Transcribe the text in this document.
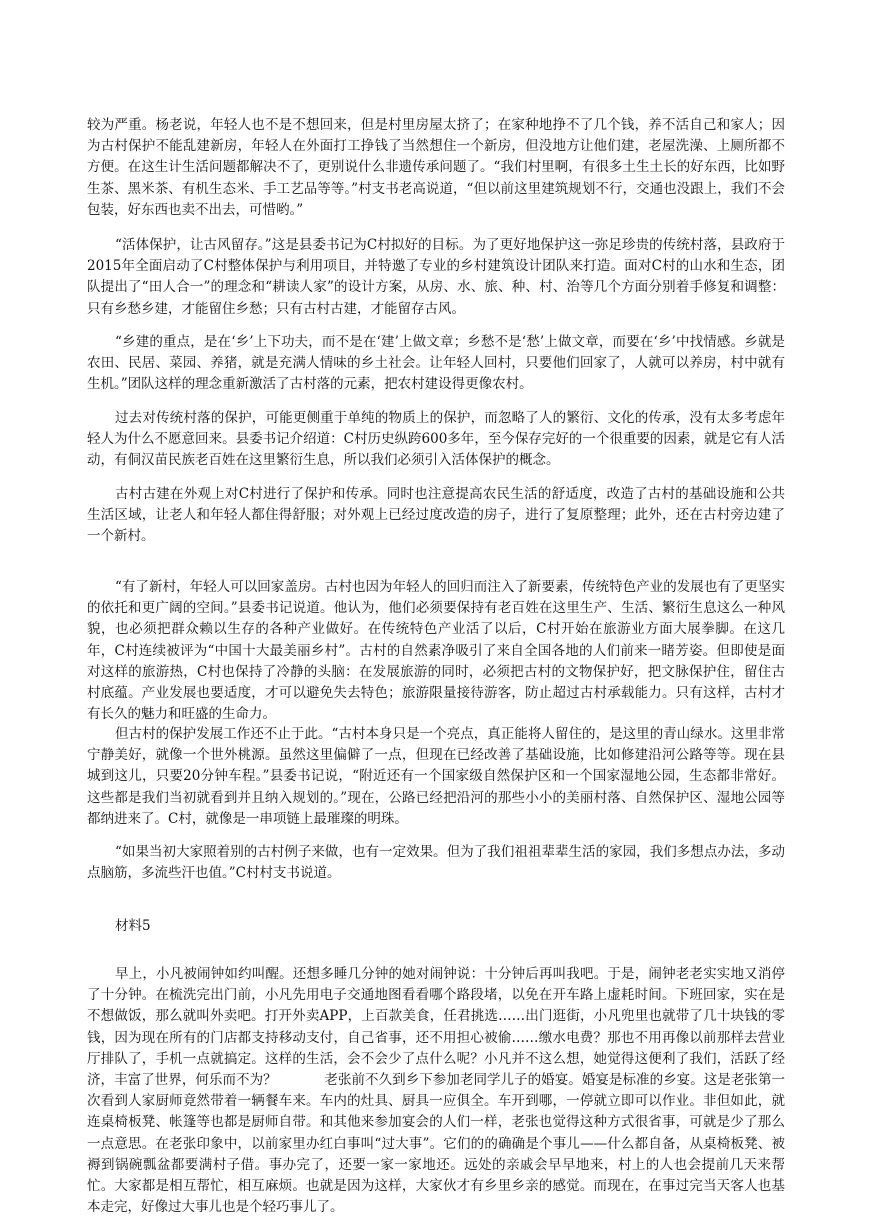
较为严重。杨老说，年轻人也不是不想回来，但是村里房屋太挤了；在家种地挣不了几个钱，养不活自己和家人；因为古村保护不能乱建新房，年轻人在外面打工挣钱了当然想住一个新房，但没地方让他们建，老屋洗澡、上厕所都不方便。在这生计生活问题都解决不了，更别说什么非遗传承问题了。“我们村里啊，有很多土生土长的好东西，比如野生茶、黑米茶、有机生态米、手工艺品等等。”村支书老高说道，“但以前这里建筑规划不行，交通也没跟上，我们不会包装，好东西也卖不出去，可惜哟。”

“活体保护，让古风留存。”这是县委书记为C村拟好的目标。为了更好地保护这一弥足珍贵的传统村落，县政府于2015年全面启动了C村整体保护与利用项目，并特邀了专业的乡村建筑设计团队来打造。面对C村的山水和生态，团队提出了“田人合一”的理念和“耕读人家”的设计方案，从房、水、旅、种、村、治等几个方面分别着手修复和调整：只有乡愁乡建，才能留住乡愁；只有古村古建，才能留存古风。

“乡建的重点，是在‘乡’上下功夫，而不是在‘建’上做文章；乡愁不是‘愁’上做文章，而要在‘乡’中找情感。乡就是农田、民居、菜园、养猪，就是充满人情味的乡土社会。让年轻人回村，只要他们回家了，人就可以养房，村中就有生机。”团队这样的理念重新激活了古村落的元素，把农村建设得更像农村。

过去对传统村落的保护，可能更侧重于单纯的物质上的保护，而忽略了人的繁衍、文化的传承，没有太多考虑年轻人为什么不愿意回来。县委书记介绍道：C村历史纵跨600多年，至今保存完好的一个很重要的因素，就是它有人活动，有侗汉苗民族老百姓在这里繁衍生息，所以我们必须引入活体保护的概念。

古村古建在外观上对C村进行了保护和传承。同时也注意提高农民生活的舒适度，改造了古村的基础设施和公共生活区域，让老人和年轻人都住得舒服；对外观上已经过度改造的房子，进行了复原整理；此外，还在古村旁边建了一个新村。

“有了新村，年轻人可以回家盖房。古村也因为年轻人的回归而注入了新要素，传统特色产业的发展也有了更坚实的依托和更广阔的空间。”县委书记说道。他认为，他们必须要保持有老百姓在这里生产、生活、繁衍生息这么一种风貌，也必须把群众赖以生存的各种产业做好。在传统特色产业活了以后，C村开始在旅游业方面大展拳脚。在这几年，C村连续被评为“中国十大最美丽乡村”。古村的自然素净吸引了来自全国各地的人们前来一睹芳姿。但即使是面对这样的旅游热，C村也保持了冷静的头脑：在发展旅游的同时，必须把古村的文物保护好，把文脉保护住，留住古村底蕴。产业发展也要适度，才可以避免失去特色；旅游限量接待游客，防止超过古村承载能力。只有这样，古村才有长久的魅力和旺盛的生命力。

但古村的保护发展工作还不止于此。“古村本身只是一个亮点，真正能将人留住的，是这里的青山绿水。这里非常宁静美好，就像一个世外桃源。虽然这里偏僻了一点，但现在已经改善了基础设施，比如修建沿河公路等等。现在县城到这儿，只要20分钟车程。”县委书记说，“附近还有一个国家级自然保护区和一个国家湿地公园，生态都非常好。这些都是我们当初就看到并且纳入规划的。”现在，公路已经把沿河的那些小小的美丽村落、自然保护区、湿地公园等都纳进来了。C村，就像是一串项链上最璀璨的明珠。

“如果当初大家照着别的古村例子来做，也有一定效果。但为了我们祖祖辈辈生活的家园，我们多想点办法，多动点脑筋，多流些汗也值。”C村村支书说道。

材料5

早上，小凡被闹钟如约叫醒。还想多睡几分钟的她对闹钟说：十分钟后再叫我吧。于是，闹钟老老实实地又消停了十分钟。在梳洗完出门前，小凡先用电子交通地图看看哪个路段堵，以免在开车路上虚耗时间。下班回家，实在是不想做饭，那么就叫外卖吧。打开外卖APP，上百款美食，任君挑选……出门逛街，小凡兜里也就带了几十块钱的零钱，因为现在所有的门店都支持移动支付，自己省事，还不用担心被偷……缴水电费？那也不用再像以前那样去营业厅排队了，手机一点就搞定。这样的生活，会不会少了点什么呢？小凡并不这么想，她觉得这便利了我们，活跃了经济，丰富了世界，何乐而不为？           老张前不久到乡下参加老同学儿子的婚宴。婚宴是标准的乡宴。这是老张第一次看到人家厨师竟然带着一辆餐车来。车内的灶具、厨具一应俱全。车开到哪，一停就立即可以作业。非但如此，就连桌椅板凳、帐篷等也都是厨师自带。和其他来参加宴会的人们一样，老张也觉得这种方式很省事，可就是少了那么一点意思。在老张印象中，以前家里办红白事叫“过大事”。它们的的确确是个事儿——什么都自备，从桌椅板凳、被褥到锅碗瓢盆都要满村子借。事办完了，还要一家一家地还。远处的亲戚会早早地来，村上的人也会提前几天来帮忙。大家都是相互帮忙，相互麻烦。也就是因为这样，大家伙才有乡里乡亲的感觉。而现在，在事过完当天客人也基本走完，好像过大事儿也是个轻巧事儿了。
